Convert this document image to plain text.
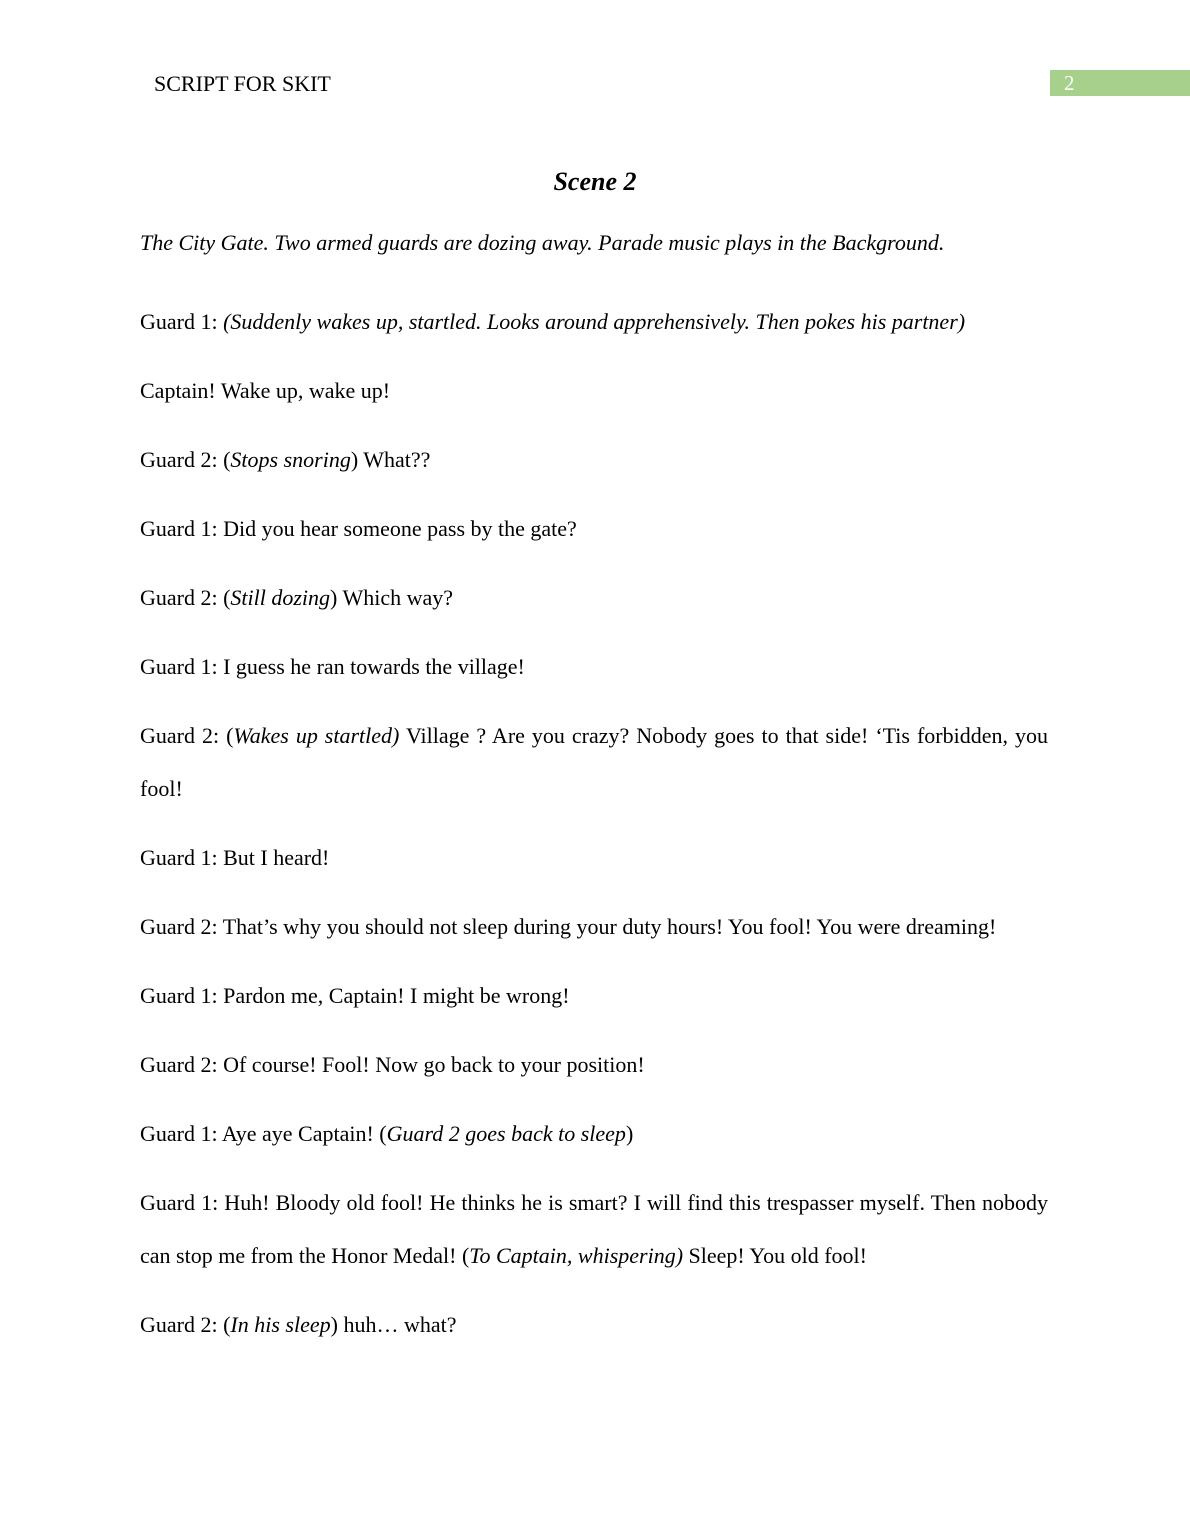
SCRIPT FOR SKIT	2
Scene 2

The City Gate. Two armed guards are dozing away. Parade music plays in the Background.

Guard 1: (Suddenly wakes up, startled. Looks around apprehensively. Then pokes his partner)

Captain! Wake up, wake up!

Guard 2: (Stops snoring) What??

Guard 1: Did you hear someone pass by the gate?

Guard 2: (Still dozing) Which way?

Guard 1: I guess he ran towards the village!

Guard 2: (Wakes up startled) Village ? Are you crazy? Nobody goes to that side! ‘Tis forbidden, you fool!

Guard 1: But I heard!

Guard 2: That’s why you should not sleep during your duty hours! You fool! You were dreaming!

Guard 1: Pardon me, Captain! I might be wrong!

Guard 2: Of course! Fool! Now go back to your position!

Guard 1: Aye aye Captain! (Guard 2 goes back to sleep)

Guard 1: Huh! Bloody old fool! He thinks he is smart? I will find this trespasser myself. Then nobody can stop me from the Honor Medal! (To Captain, whispering) Sleep! You old fool!

Guard 2: (In his sleep) huh… what?
